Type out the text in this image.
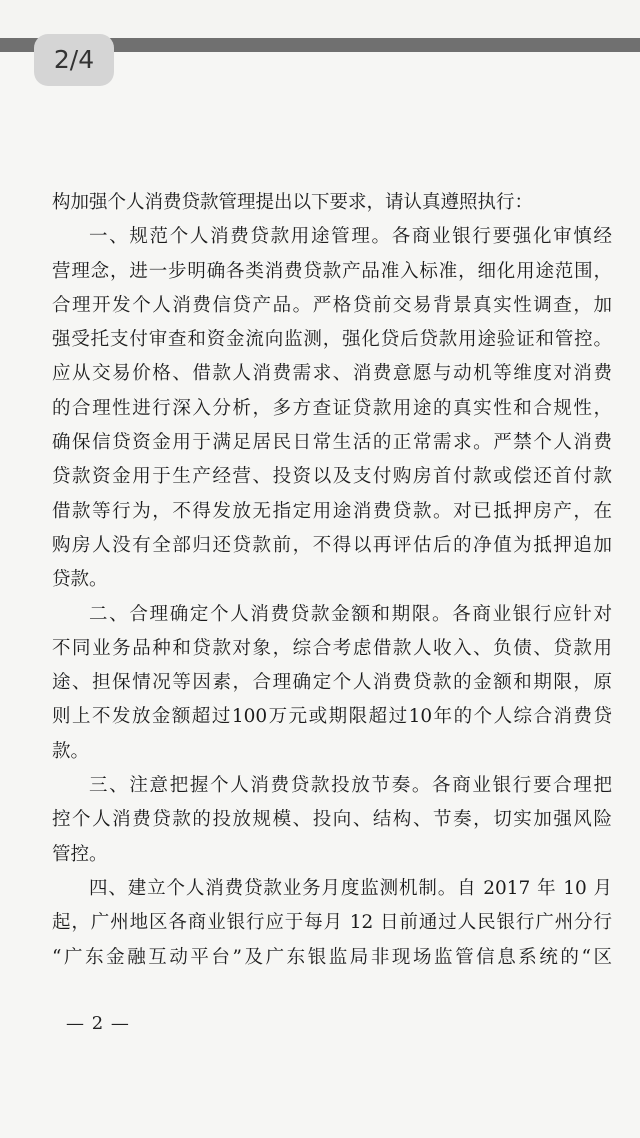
2/4
构加强个人消费贷款管理提出以下要求，请认真遵照执行：
一、规范个人消费贷款用途管理。各商业银行要强化审慎经
营理念，进一步明确各类消费贷款产品准入标准，细化用途范围，
合理开发个人消费信贷产品。严格贷前交易背景真实性调查，加
强受托支付审查和资金流向监测，强化贷后贷款用途验证和管控。
应从交易价格、借款人消费需求、消费意愿与动机等维度对消费
的合理性进行深入分析，多方查证贷款用途的真实性和合规性，
确保信贷资金用于满足居民日常生活的正常需求。严禁个人消费
贷款资金用于生产经营、投资以及支付购房首付款或偿还首付款
借款等行为，不得发放无指定用途消费贷款。对已抵押房产，在
购房人没有全部归还贷款前，不得以再评估后的净值为抵押追加
贷款。
二、合理确定个人消费贷款金额和期限。各商业银行应针对
不同业务品种和贷款对象，综合考虑借款人收入、负债、贷款用
途、担保情况等因素，合理确定个人消费贷款的金额和期限，原
则上不发放金额超过100万元或期限超过10年的个人综合消费贷
款。
三、注意把握个人消费贷款投放节奏。各商业银行要合理把
控个人消费贷款的投放规模、投向、结构、节奏，切实加强风险
管控。
四、建立个人消费贷款业务月度监测机制。自 2017 年 10 月
起，广州地区各商业银行应于每月 12 日前通过人民银行广州分行
“广东金融互动平台”及广东银监局非现场监管信息系统的“区
— 2 —
